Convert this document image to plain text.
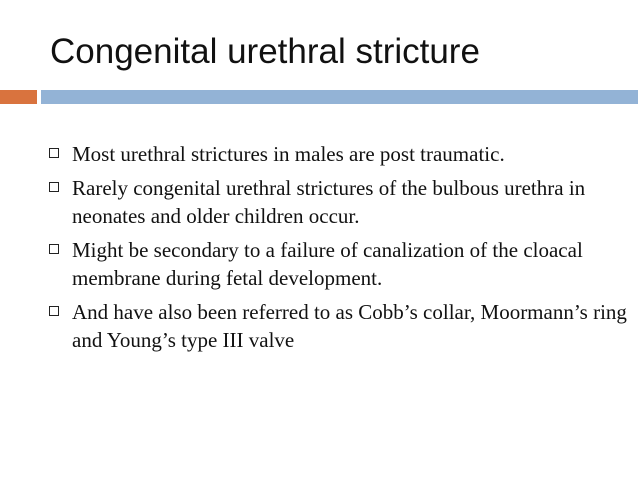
Congenital urethral stricture
Most urethral strictures in males are post traumatic.
Rarely congenital urethral strictures of the bulbous urethra in neonates and older children occur.
Might be secondary to a failure of canalization of the cloacal membrane during fetal development.
And have also been referred to as Cobb’s collar, Moormann’s ring and Young’s type III valve
